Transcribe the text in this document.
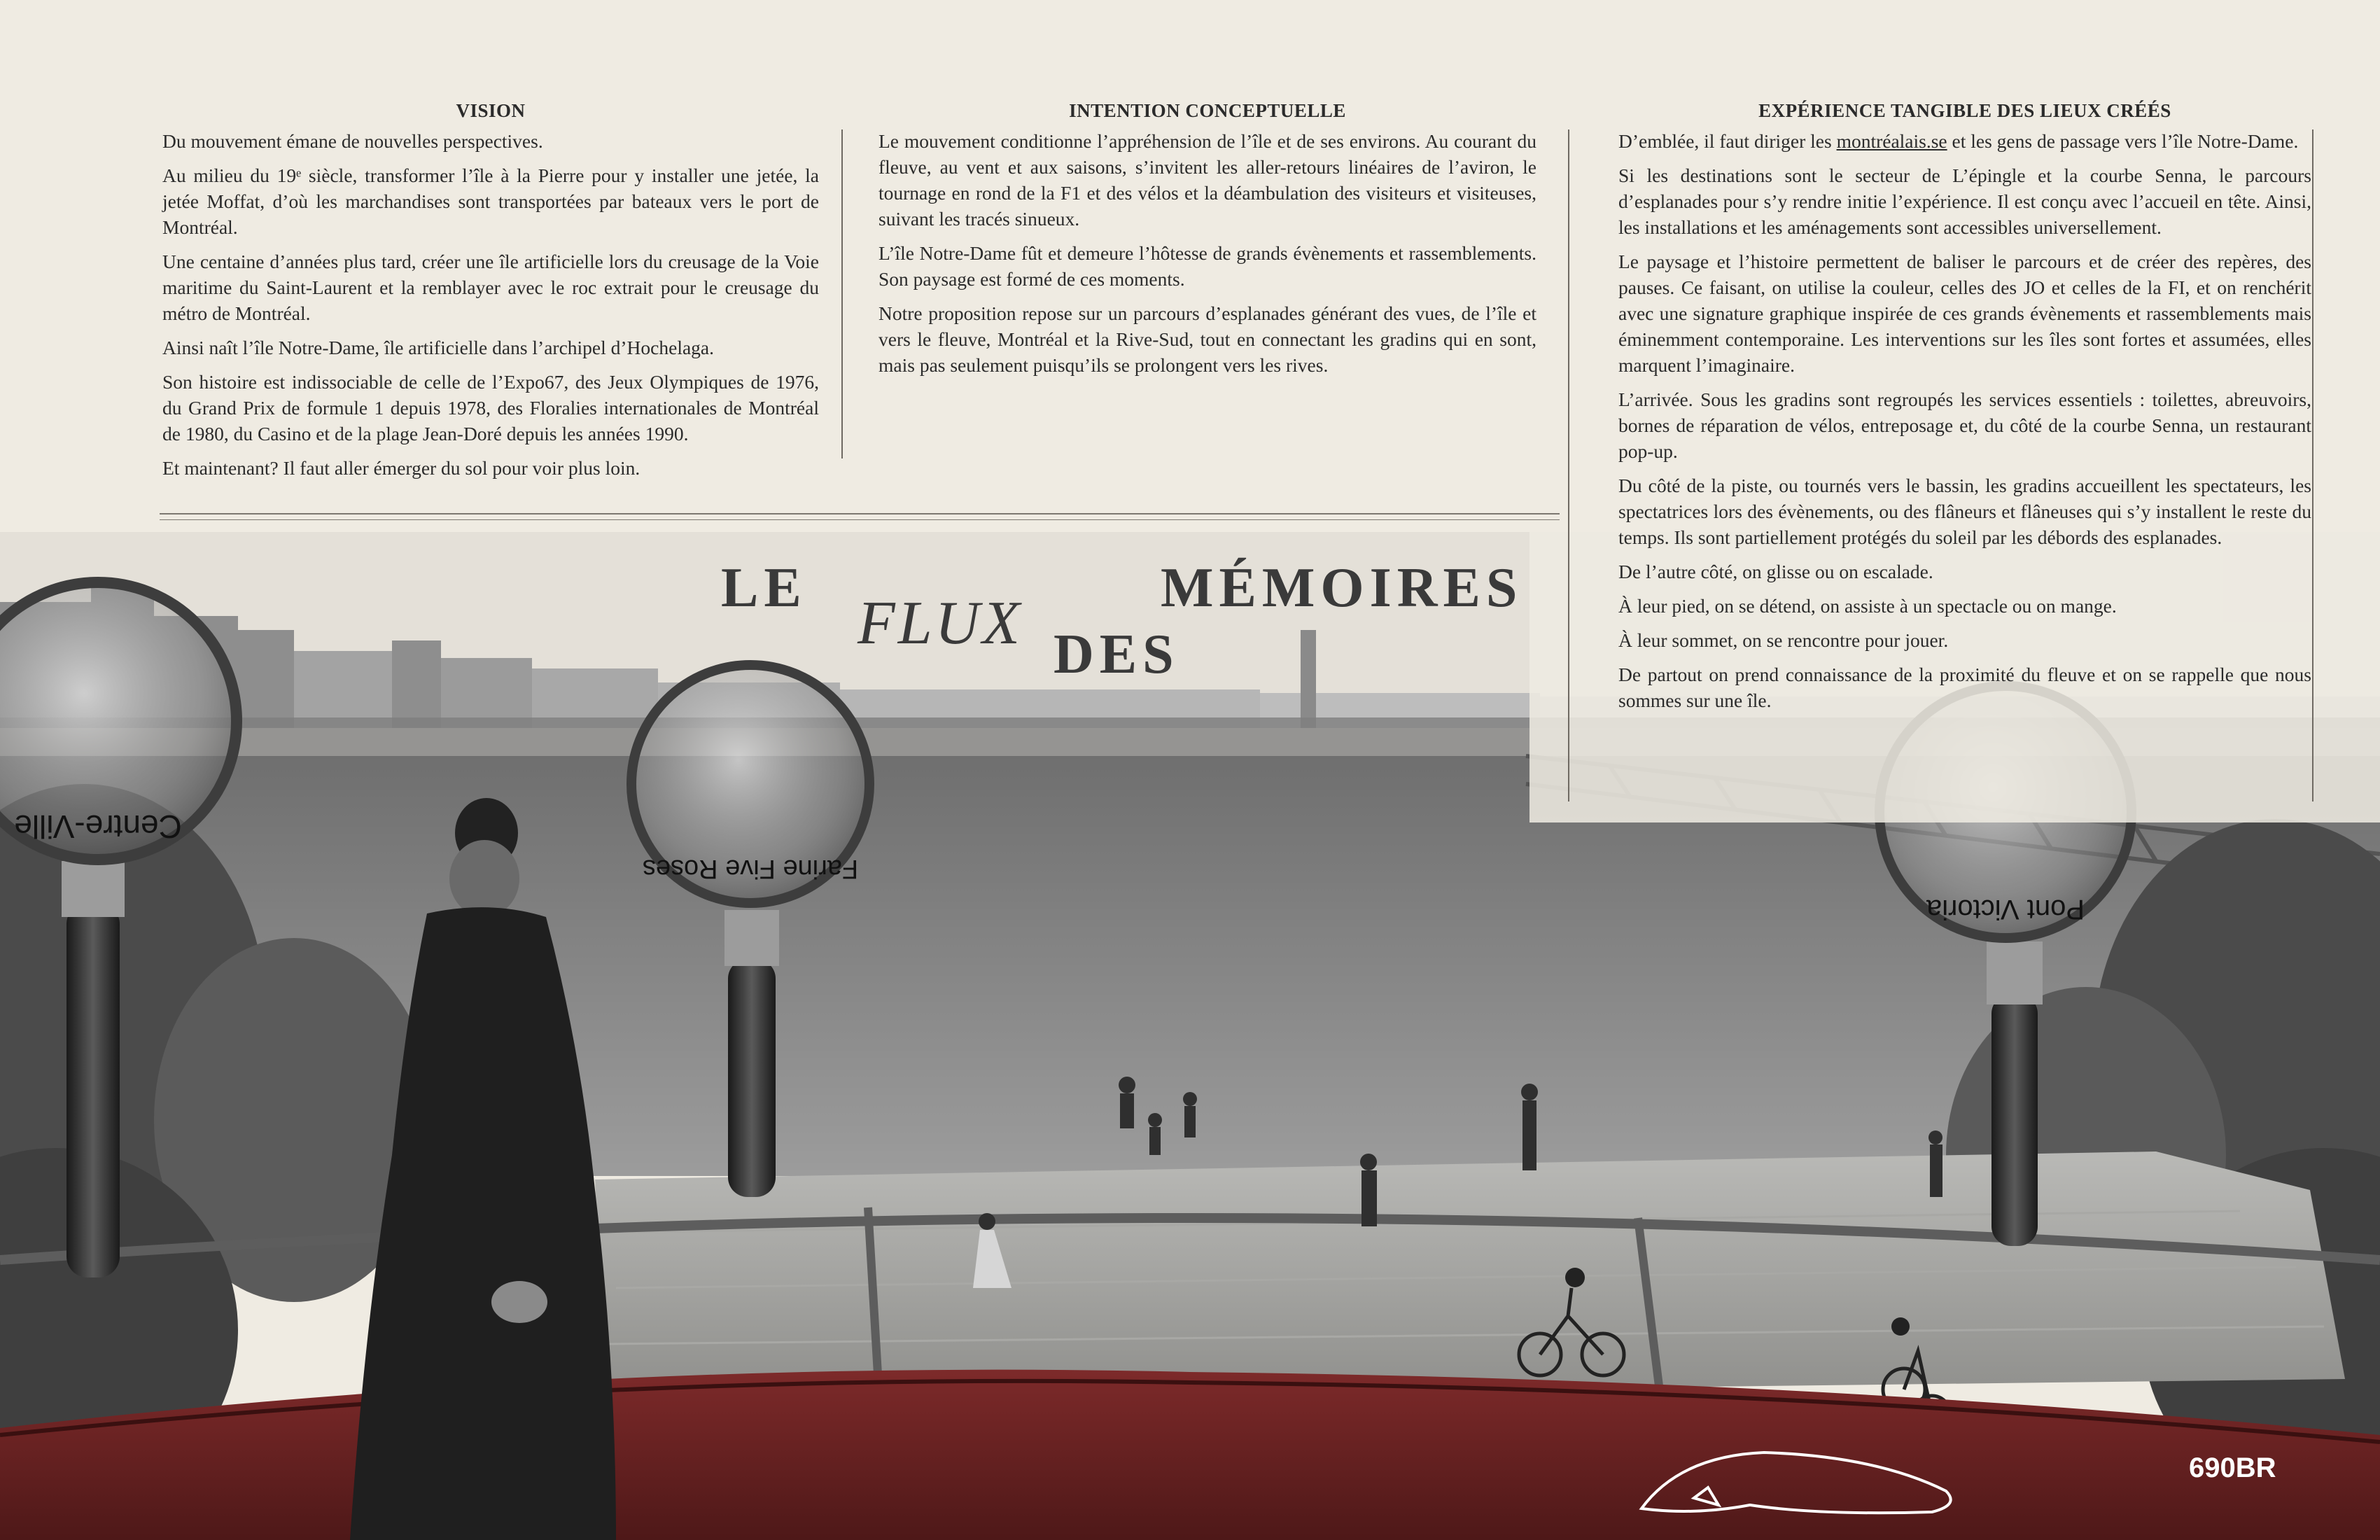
Centre-Ville
Farine Five Roses
Pont Victoria
VISION

Du mouvement émane de nouvelles perspectives.

Au milieu du 19ᵉ siècle, transformer l’île à la Pierre pour y installer une jetée, la jetée Moffat, d’où les marchandises sont transportées par bateaux vers le port de Montréal.

Une centaine d’années plus tard, créer une île artificielle lors du creusage de la Voie maritime du Saint-Laurent et la remblayer avec le roc extrait pour le creusage du métro de Montréal.

Ainsi naît l’île Notre-Dame, île artificielle dans l’archipel d’Hochelaga.

Son histoire est indissociable de celle de l’Expo67, des Jeux Olympiques de 1976, du Grand Prix de formule 1 depuis 1978, des Floralies internationales de Montréal de 1980, du Casino et de la plage Jean-Doré depuis les années 1990.

Et maintenant? Il faut aller émerger du sol pour voir plus loin.

INTENTION CONCEPTUELLE

Le mouvement conditionne l’appréhension de l’île et de ses environs. Au courant du fleuve, au vent et aux saisons, s’invitent les aller-retours linéaires de l’aviron, le tournage en rond de la F1 et des vélos et la déambulation des visiteurs et visiteuses, suivant les tracés sinueux.

L’île Notre-Dame fût et demeure l’hôtesse de grands évènements et rassemblements. Son paysage est formé de ces moments.

Notre proposition repose sur un parcours d’esplanades générant des vues, de l’île et vers le fleuve, Montréal et la Rive-Sud, tout en connectant les gradins qui en sont, mais pas seulement puisqu’ils se prolongent vers les rives.

EXPÉRIENCE TANGIBLE DES LIEUX CRÉÉS

D’emblée, il faut diriger les montréalais.se et les gens de passage vers l’île Notre-Dame.

Si les destinations sont le secteur de L’épingle et la courbe Senna, le parcours d’esplanades pour s’y rendre initie l’expérience. Il est conçu avec l’accueil en tête. Ainsi, les installations et les aménagements sont accessibles universellement.

Le paysage et l’histoire permettent de baliser le parcours et de créer des repères, des pauses. Ce faisant, on utilise la couleur, celles des JO et celles de la FI, et on renchérit avec une signature graphique inspirée de ces grands évènements et rassemblements mais éminemment contemporaine. Les interventions sur les îles sont fortes et assumées, elles marquent l’imaginaire.

L’arrivée. Sous les gradins sont regroupés les services essentiels : toilettes, abreuvoirs, bornes de réparation de vélos, entreposage et, du côté de la courbe Senna, un restaurant pop-up.

Du côté de la piste, ou tournés vers le bassin, les gradins accueillent les spectateurs, les spectatrices lors des évènements, ou des flâneurs et flâneuses qui s’y installent le reste du temps. Ils sont partiellement protégés du soleil par les débords des esplanades.

De l’autre côté, on glisse ou on escalade.

À leur pied, on se détend, on assiste à un spectacle ou on mange.

À leur sommet, on se rencontre pour jouer.

De partout on prend connaissance de la proximité du fleuve et on se rappelle que nous sommes sur une île.

LE
FLUX DES
MÉMOIRES
690BR
